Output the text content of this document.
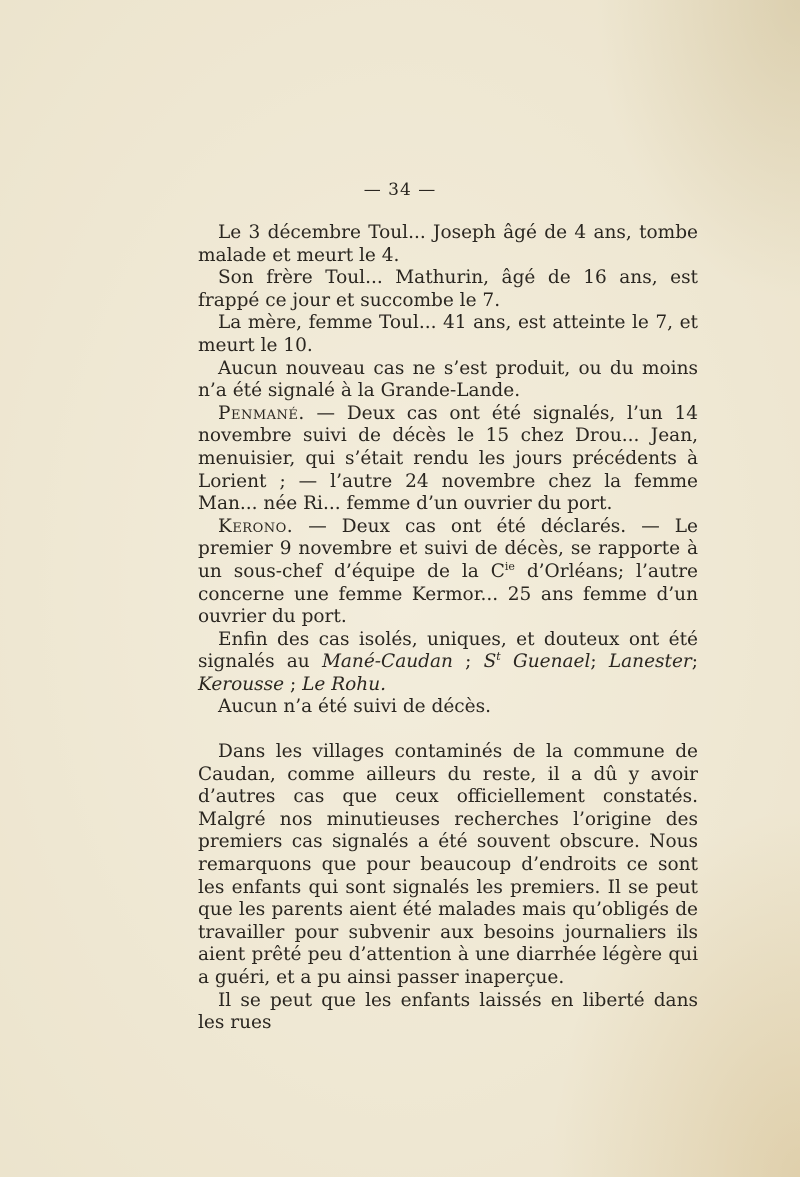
— 34 —

Le 3 décembre Toul... Joseph âgé de 4 ans, tombe malade et meurt le 4.

Son frère Toul... Mathurin, âgé de 16 ans, est frappé ce jour et succombe le 7.

La mère, femme Toul... 41 ans, est atteinte le 7, et meurt le 10.

Aucun nouveau cas ne s’est produit, ou du moins n’a été signalé à la Grande-Lande.

Penmané. — Deux cas ont été signalés, l’un 14 novembre suivi de décès le 15 chez Drou... Jean, menuisier, qui s’était rendu les jours précédents à Lorient ; — l’autre 24 novembre chez la femme Man... née Ri... femme d’un ouvrier du port.

Kerono. — Deux cas ont été déclarés. — Le premier 9 novembre et suivi de décès, se rapporte à un sous-chef d’équipe de la $C^{ie}$ d’Orléans; l’autre concerne une femme Kermor... 25 ans femme d’un ouvrier du port.

Enfin des cas isolés, uniques, et douteux ont été signalés au Mané-Caudan ; $S^t$ Guenael; Lanester; Kerousse ; Le Rohu.

Aucun n’a été suivi de décès.

Dans les villages contaminés de la commune de Caudan, comme ailleurs du reste, il a dû y avoir d’autres cas que ceux officiellement constatés. Malgré nos minutieuses recherches l’origine des premiers cas signalés a été souvent obscure. Nous remarquons que pour beaucoup d’endroits ce sont les enfants qui sont signalés les premiers. Il se peut que les parents aient été malades mais qu’obligés de travailler pour subvenir aux besoins journaliers ils aient prêté peu d’attention à une diarrhée légère qui a guéri, et a pu ainsi passer inaperçue.

Il se peut que les enfants laissés en liberté dans les rues
